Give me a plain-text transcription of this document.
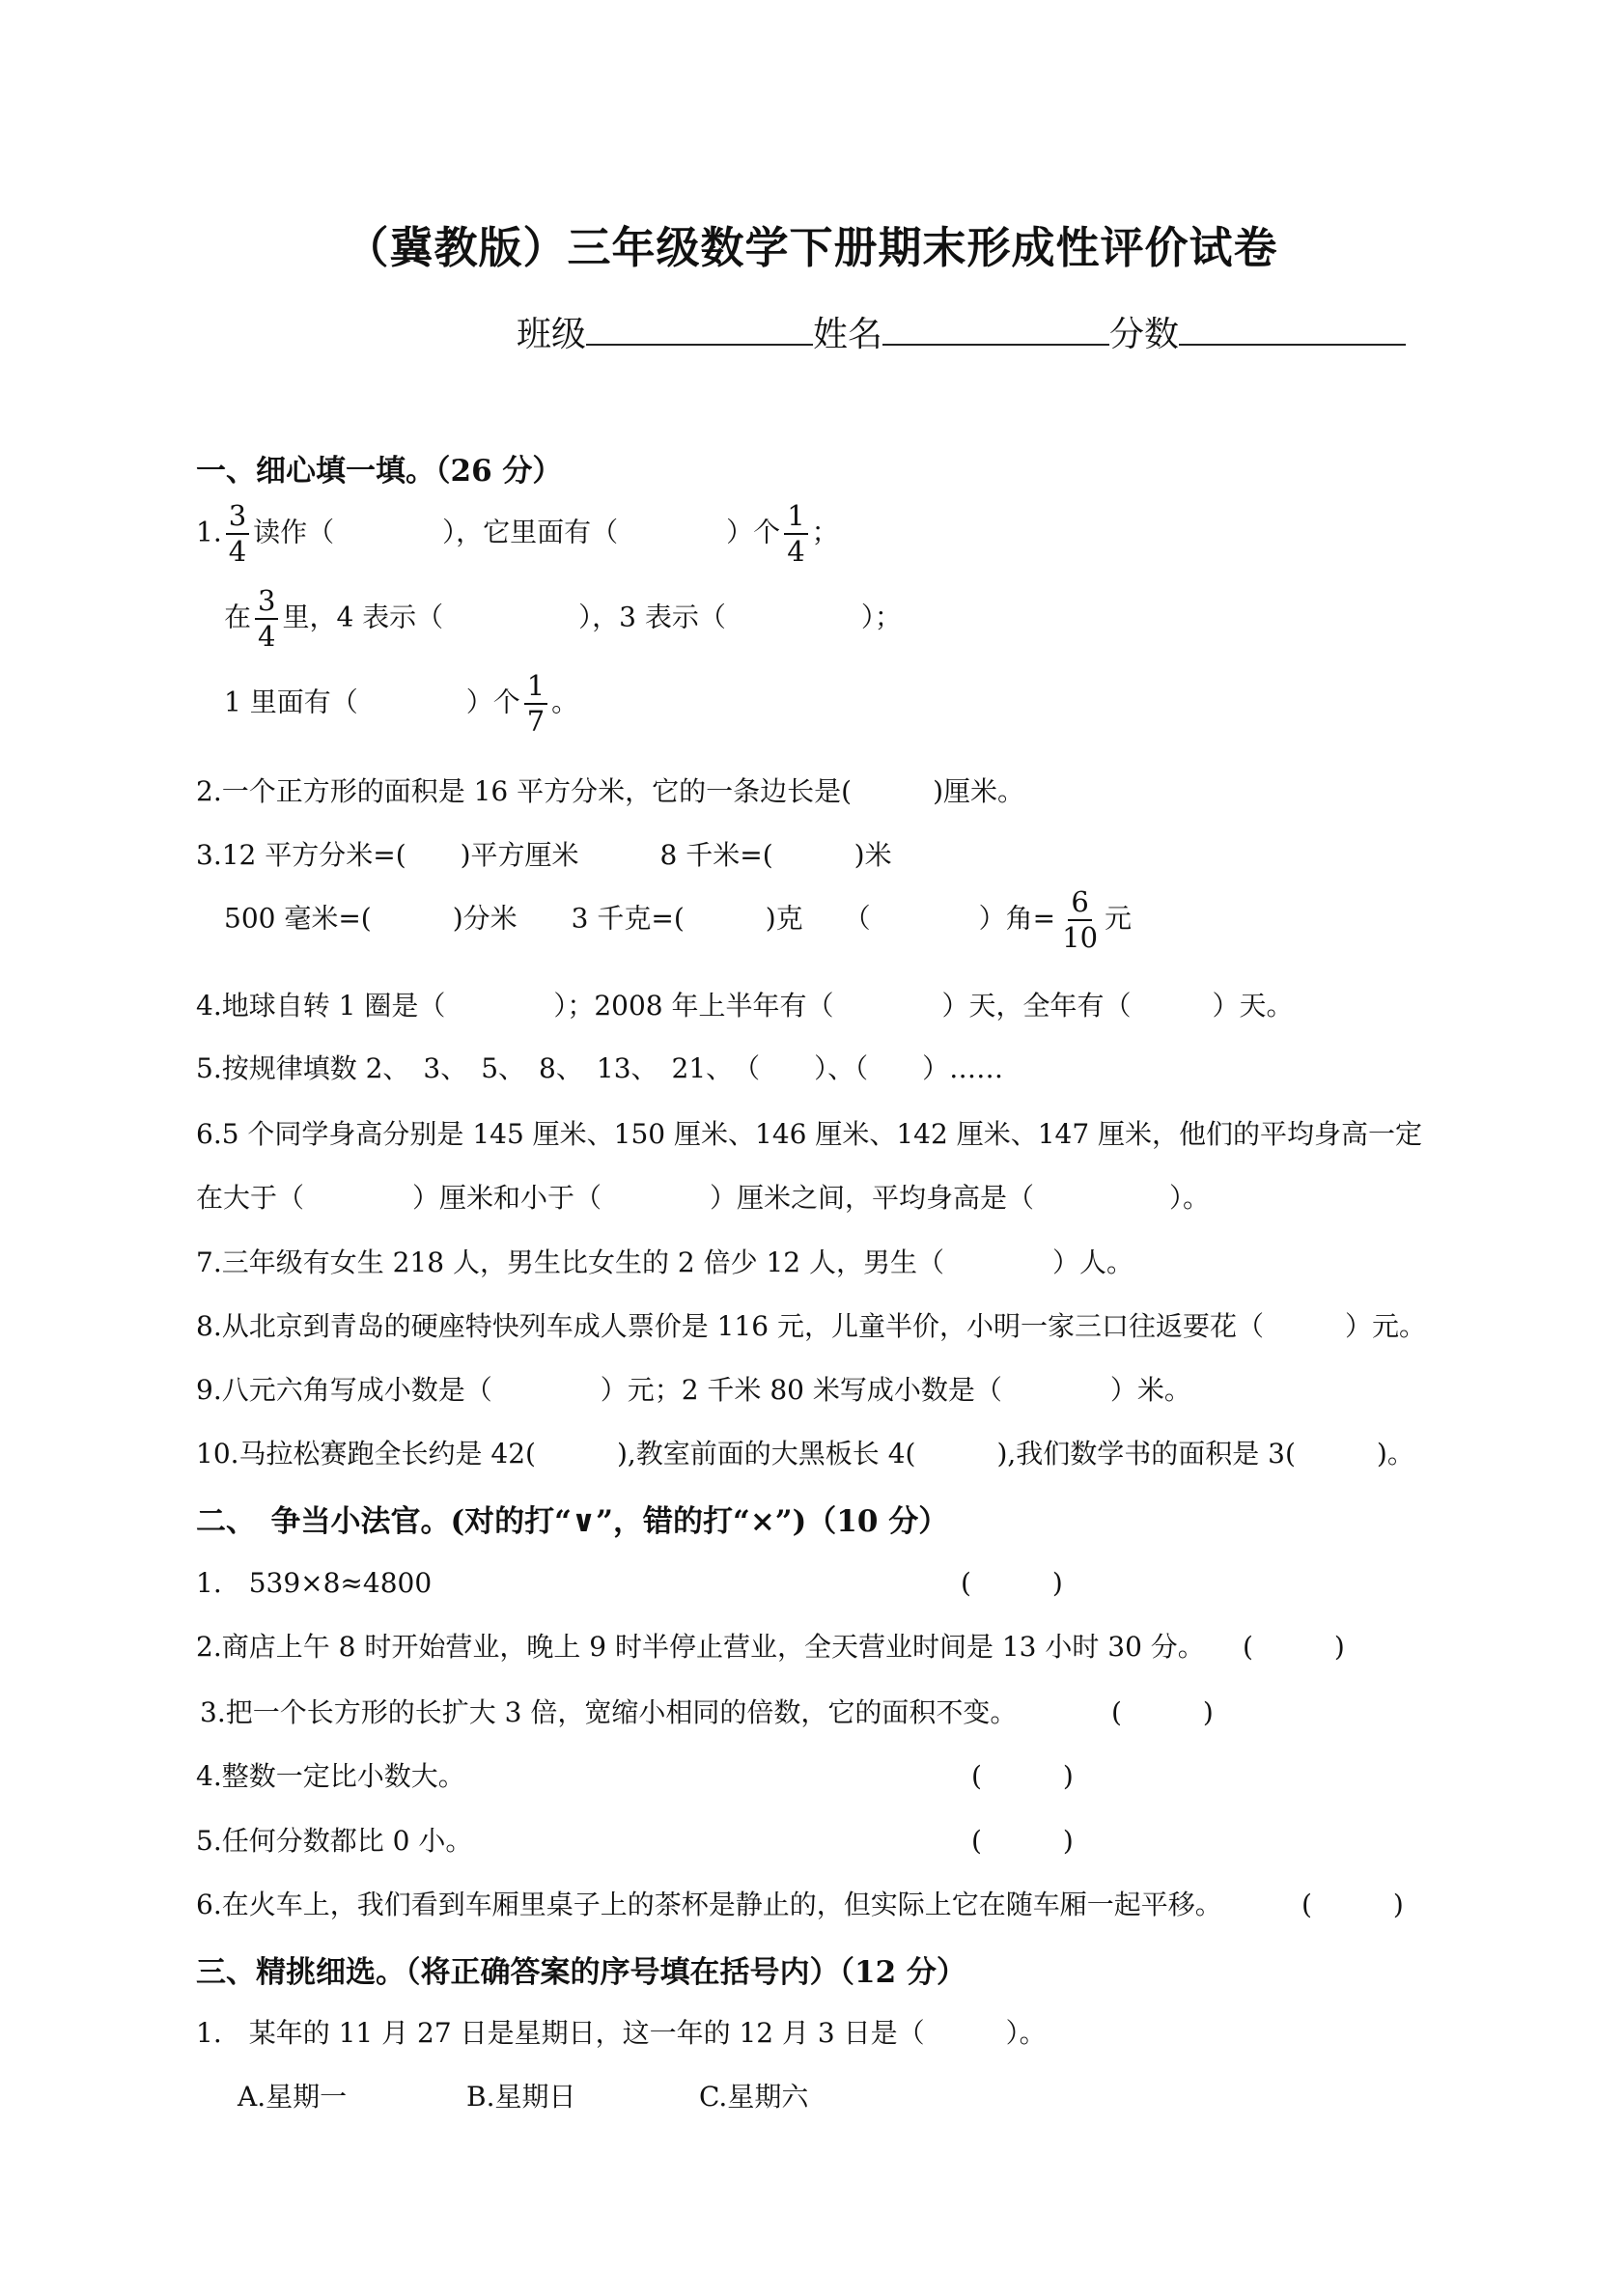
（冀教版）三年级数学下册期末形成性评价试卷
班级	姓名	分数
一、细心填一填。（26 分）
1. $\frac{3}{4}$ 读作（　　　　），它里面有（　　　　）个 $\frac{1}{4}$ ；
在 $\frac{3}{4}$ 里，4 表示（　　　　　），3 表示（　　　　　）；
1 里面有（　　　　）个 $\frac{1}{7}$ 。
2.一个正方形的面积是 16 平方分米，它的一条边长是(　　　)厘米。
3.12 平方分米=(　　)平方厘米　　　8 千米=(　　　)米
500 毫米=(　　　)分米　　3 千克=(　　　)克　　（　　　　）角= $\frac{6}{10}$ 元
4.地球自转 1 圈是（　　　　）；2008 年上半年有（　　　　）天，全年有（　　　）天。
5.按规律填数 2、　3、　5、　8、　13、　21、　（　　）、（　　）……
6.5 个同学身高分别是 145 厘米、150 厘米、146 厘米、142 厘米、147 厘米，他们的平均身高一定
在大于（　　　　）厘米和小于（　　　　）厘米之间，平均身高是（　　　　　）。
7.三年级有女生 218 人，男生比女生的 2 倍少 12 人，男生（　　　　）人。
8.从北京到青岛的硬座特快列车成人票价是 116 元，儿童半价，小明一家三口往返要花（　　　）元。
9.八元六角写成小数是（　　　　）元；2 千米 80 米写成小数是（　　　　）米。
10.马拉松赛跑全长约是 42(　　　),教室前面的大黑板长 4(　　　),我们数学书的面积是 3(　　　)。
二、　争当小法官。(对的打“∨”，错的打“×”)（10 分）
1.　539×8≈4800	(　　　)
2.商店上午 8 时开始营业，晚上 9 时半停止营业，全天营业时间是 13 小时 30 分。 (　　　)
3.把一个长方形的长扩大 3 倍，宽缩小相同的倍数，它的面积不变。	(　　　)
4.整数一定比小数大。	(　　　)
5.任何分数都比 0 小。	(　　　)
6.在火车上，我们看到车厢里桌子上的茶杯是静止的，但实际上它在随车厢一起平移。	(　　　)
三、精挑细选。（将正确答案的序号填在括号内）（12 分）
1.　某年的 11 月 27 日是星期日，这一年的 12 月 3 日是（　　　）。
A.星期一	B.星期日	C.星期六
